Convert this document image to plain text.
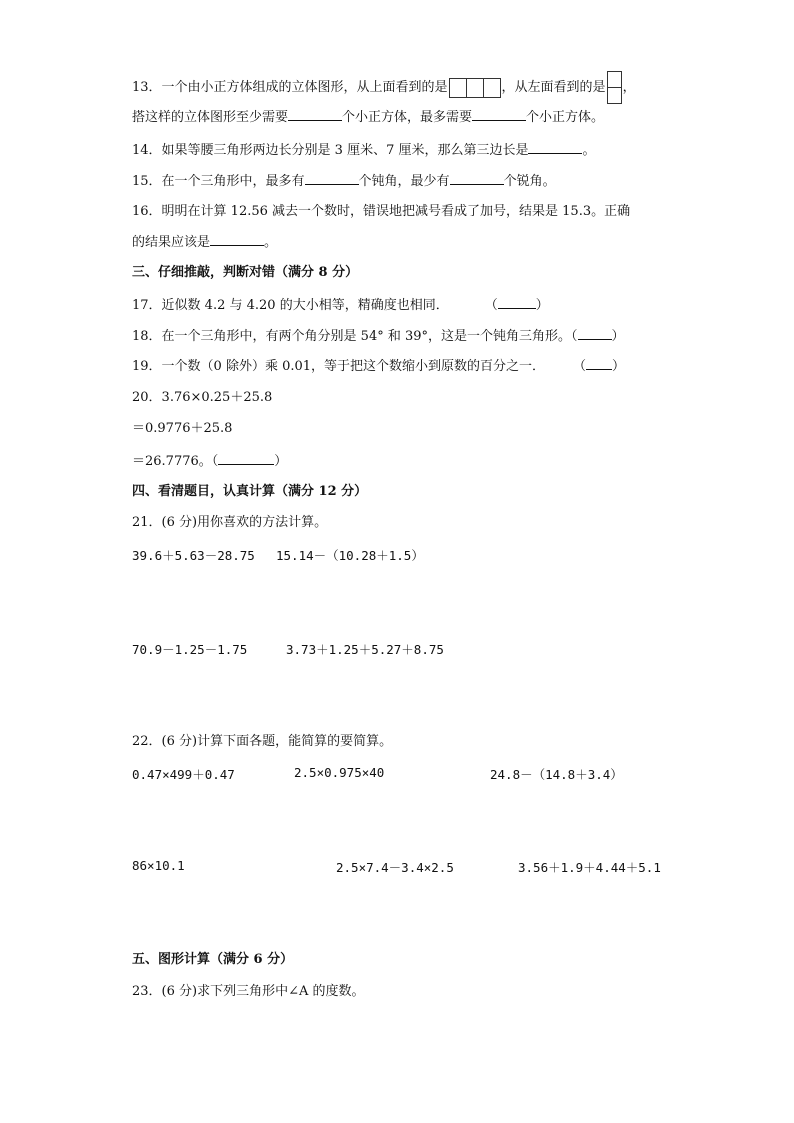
13．一个由小正方体组成的立体图形，从上面看到的是	，从左面看到的是 ，
搭这样的立体图形至少需要	个小正方体，最多需要	个小正方体。
14．如果等腰三角形两边长分别是 3 厘米、7 厘米，那么第三边长是	。
15．在一个三角形中，最多有	个钝角，最少有	个锐角。
16．明明在计算 12.56 减去一个数时，错误地把减号看成了加号，结果是 15.3。正确
的结果应该是	。
三、仔细推敲，判断对错（满分 8 分）
17．近似数 4.2 与 4.20 的大小相等，精确度也相同．	（	）
18．在一个三角形中，有两个角分别是 54° 和 39°，这是一个钝角三角形。（	）
19．一个数（0 除外）乘 0.01，等于把这个数缩小到原数的百分之一． （ ）
20．3.76×0.25＋25.8
＝0.9776＋25.8
＝26.7776。（	）
四、看清题目，认真计算（满分 12 分）
21．(6 分)用你喜欢的方法计算。
39.6＋5.63－28.75 15.14－（10.28＋1.5）
70.9－1.25－1.75	3.73＋1.25＋5.27＋8.75
22．(6 分)计算下面各题，能简算的要简算。
0.47×499＋0.47	2.5×0.975×40	24.8－（14.8＋3.4）
86×10.1	2.5×7.4－3.4×2.5	3.56＋1.9＋4.44＋5.1
五、图形计算（满分 6 分）
23．(6 分)求下列三角形中∠A 的度数。
